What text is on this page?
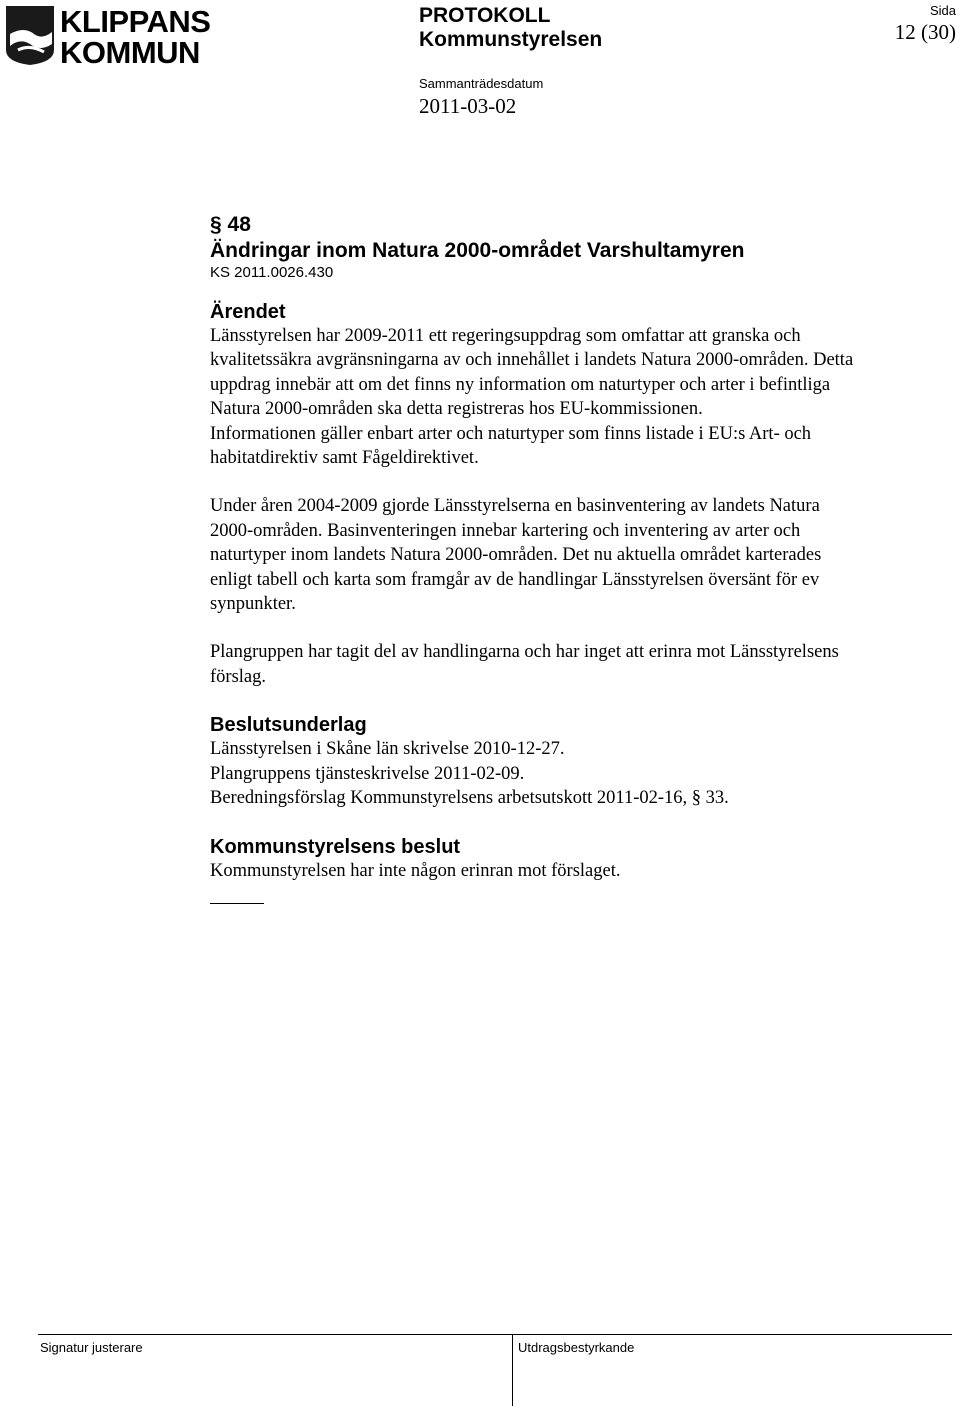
KLIPPANS
KOMMUN
PROTOKOLL
Kommunstyrelsen
Sammanträdesdatum
2011-03-02
Sida
12 (30)
§ 48
Ändringar inom Natura 2000-området Varshultamyren
KS 2011.0026.430
Ärendet

Länsstyrelsen har 2009-2011 ett regeringsuppdrag som omfattar att granska och
kvalitetssäkra avgränsningarna av och innehållet i landets Natura 2000-områden. Detta
uppdrag innebär att om det finns ny information om naturtyper och arter i befintliga
Natura 2000-områden ska detta registreras hos EU-kommissionen.
Informationen gäller enbart arter och naturtyper som finns listade i EU:s Art- och
habitatdirektiv samt Fågeldirektivet.

Under åren 2004-2009 gjorde Länsstyrelserna en basinventering av landets Natura
2000-områden. Basinventeringen innebar kartering och inventering av arter och
naturtyper inom landets Natura 2000-områden. Det nu aktuella området karterades
enligt tabell och karta som framgår av de handlingar Länsstyrelsen översänt för ev
synpunkter.

Plangruppen har tagit del av handlingarna och har inget att erinra mot Länsstyrelsens
förslag.

Beslutsunderlag

Länsstyrelsen i Skåne län skrivelse 2010-12-27.
Plangruppens tjänsteskrivelse 2011-02-09.
Beredningsförslag Kommunstyrelsens arbetsutskott 2011-02-16, § 33.

Kommunstyrelsens beslut

Kommunstyrelsen har inte någon erinran mot förslaget.

Signatur justerare	Utdragsbestyrkande
